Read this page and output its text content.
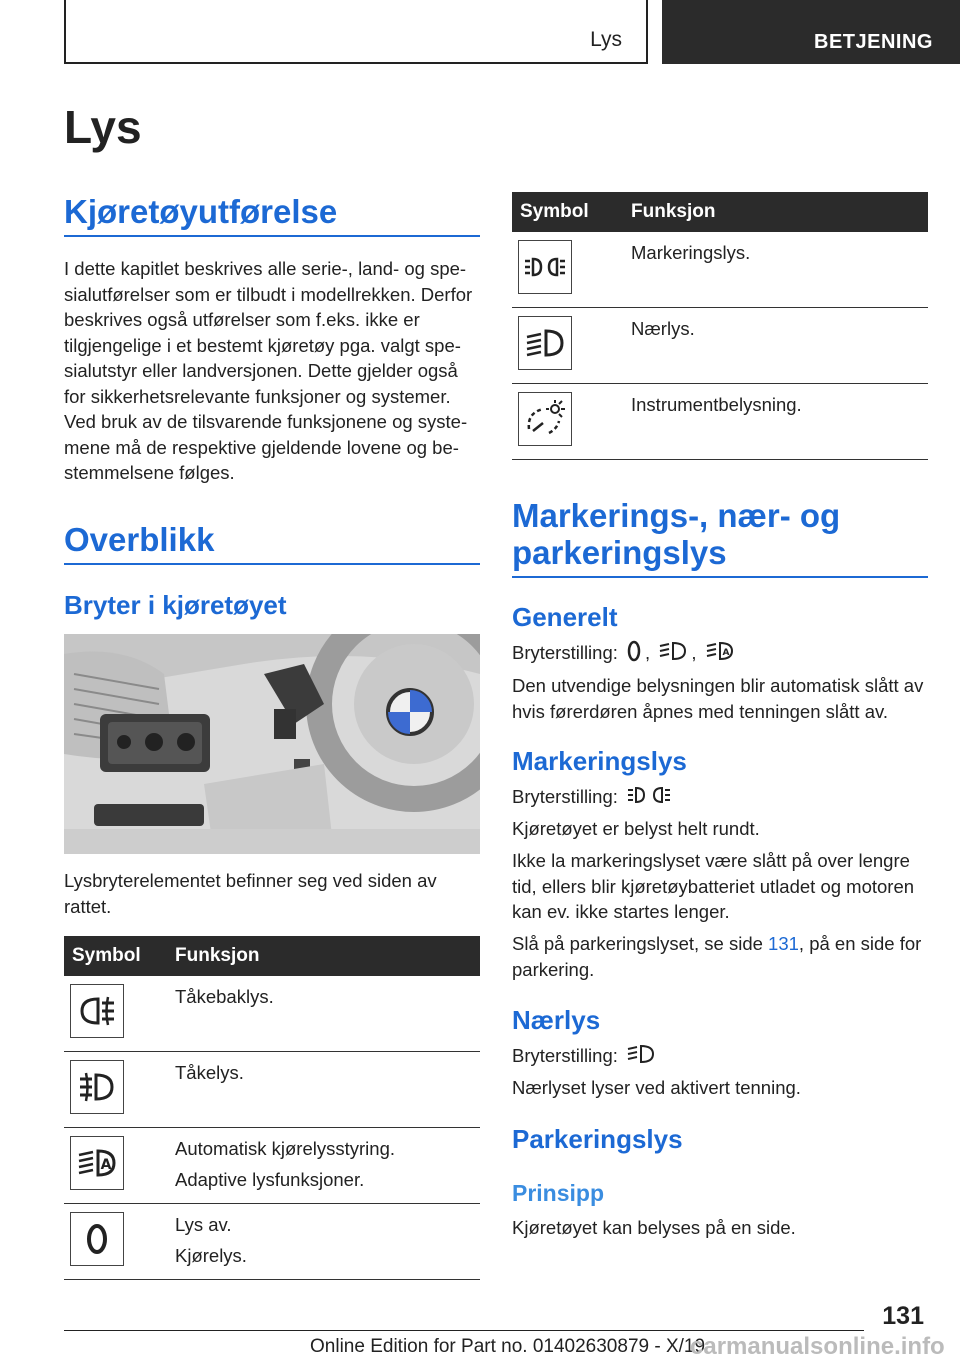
Lys	BETJENING
Lys
Kjøretøyutførelse

I dette kapitlet beskrives alle serie-, land- og spesialutførelser som er tilbudt i modellrekken. Derfor beskrives også utførelser som f.eks. ikke er tilgjengelige i et bestemt kjøretøy pga. valgt spesialutstyr eller landversjonen. Dette gjelder også for sikkerhetsrelevante funksjoner og systemer. Ved bruk av de tilsvarende funksjonene og systemene må de respektive gjeldende lovene og bestemmelsene følges.

Overblikk
Bryter i kjøretøyet

Lysbryterelementet befinner seg ved siden av rattet.

Symbol	Funksjon

Tåkebaklys.

Tåkelys.

A	Automatisk kjørelysstyring.
Adaptive lysfunksjoner.

Lys av.
Kjørelys.
Symbol	Funksjon

Markeringslys.

Nærlys.

Instrumentbelysning.
Markerings-, nær- og parkeringslys
Generelt

Bryterstilling: , ,	A

Den utvendige belysningen blir automatisk slått av hvis førerdøren åpnes med tenningen slått av.

Markeringslys

Bryterstilling:

Kjøretøyet er belyst helt rundt.

Ikke la markeringslyset være slått på over lengre tid, ellers blir kjøretøybatteriet utladet og motoren kan ev. ikke startes lenger.

Slå på parkeringslyset, se side 131, på en side for parkering.

Nærlys

Bryterstilling:

Nærlyset lyser ved aktivert tenning.

Parkeringslys
Prinsipp

Kjøretøyet kan belyses på en side.

131
Online Edition for Part no. 01402630879 - X/19
carmanualsonline.info
